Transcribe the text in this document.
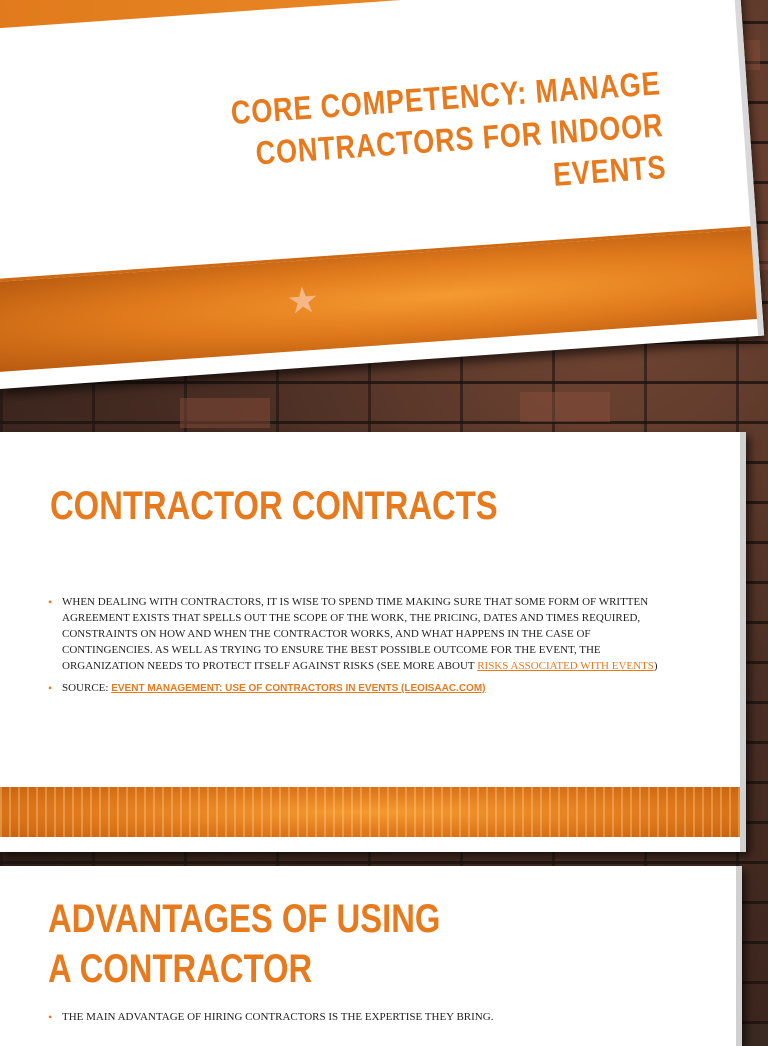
CORE COMPETENCY: MANAGE CONTRACTORS FOR INDOOR EVENTS
★
CONTRACTOR CONTRACTS
• WHEN DEALING WITH CONTRACTORS, IT IS WISE TO SPEND TIME MAKING SURE THAT SOME FORM OF WRITTEN AGREEMENT EXISTS THAT SPELLS OUT THE SCOPE OF THE WORK, THE PRICING, DATES AND TIMES REQUIRED, CONSTRAINTS ON HOW AND WHEN THE CONTRACTOR WORKS, AND WHAT HAPPENS IN THE CASE OF CONTINGENCIES. AS WELL AS TRYING TO ENSURE THE BEST POSSIBLE OUTCOME FOR THE EVENT, THE ORGANIZATION NEEDS TO PROTECT ITSELF AGAINST RISKS (SEE MORE ABOUT RISKS ASSOCIATED WITH EVENTS)
• SOURCE: EVENT MANAGEMENT: USE OF CONTRACTORS IN EVENTS (LEOISAAC.COM)
ADVANTAGES OF USING A CONTRACTOR
• THE MAIN ADVANTAGE OF HIRING CONTRACTORS IS THE EXPERTISE THEY BRING.
